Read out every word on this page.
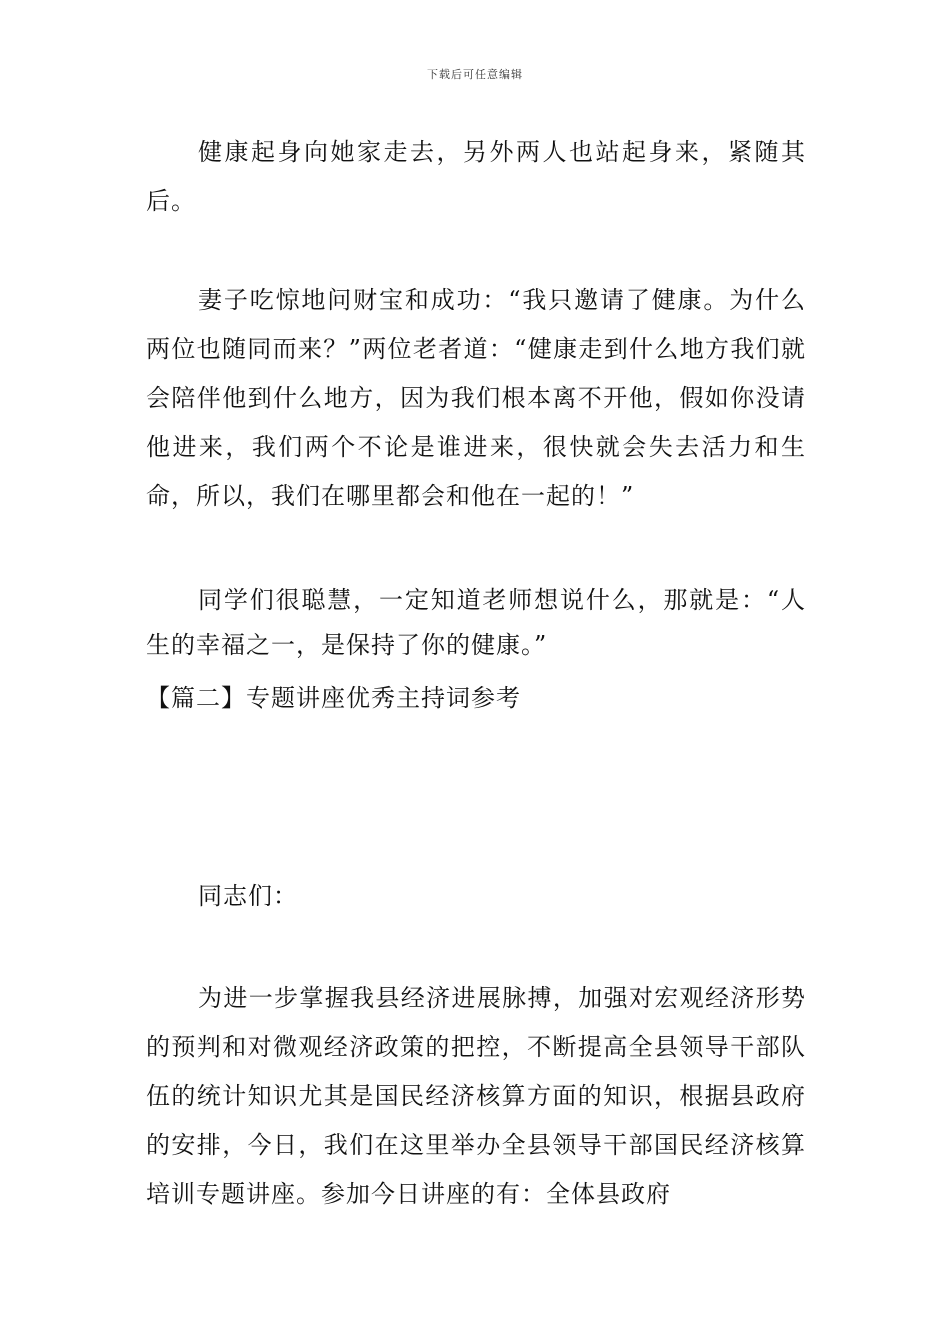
下载后可任意编辑

健康起身向她家走去，另外两人也站起身来，紧随其后。

妻子吃惊地问财宝和成功：“我只邀请了健康。为什么两位也随同而来？”两位老者道：“健康走到什么地方我们就会陪伴他到什么地方，因为我们根本离不开他，假如你没请他进来，我们两个不论是谁进来，很快就会失去活力和生命，所以，我们在哪里都会和他在一起的！”

同学们很聪慧，一定知道老师想说什么，那就是：“人生的幸福之一，是保持了你的健康。”

【篇二】专题讲座优秀主持词参考

同志们：

为进一步掌握我县经济进展脉搏，加强对宏观经济形势的预判和对微观经济政策的把控，不断提高全县领导干部队伍的统计知识尤其是国民经济核算方面的知识，根据县政府的安排，今日，我们在这里举办全县领导干部国民经济核算培训专题讲座。参加今日讲座的有：全体县政府
